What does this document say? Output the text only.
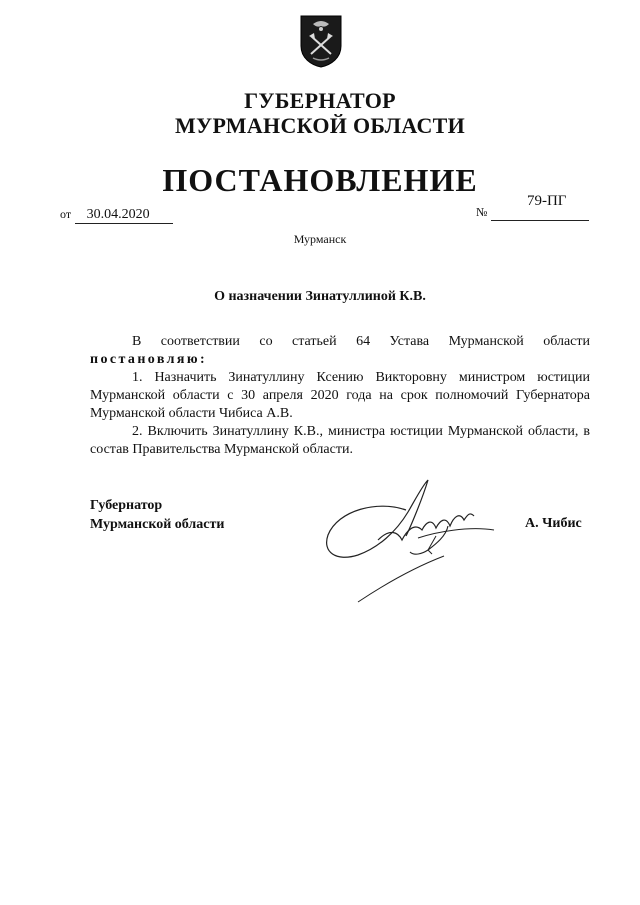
ГУБЕРНАТОР
МУРМАНСКОЙ ОБЛАСТИ
ПОСТАНОВЛЕНИЕ
от 30.04.2020	№
79-ПГ
Мурманск
О назначении Зинатуллиной К.В.

В соответствии со статьей 64 Устава Мурманской области

постановляю:

1. Назначить Зинатуллину Ксению Викторовну министром юстиции Мурманской области с 30 апреля 2020 года на срок полномочий Губернатора Мурманской области Чибиса А.В.

2. Включить Зинатуллину К.В., министра юстиции Мурманской области, в состав Правительства Мурманской области.

Губернатор
Мурманской области	А. Чибис
